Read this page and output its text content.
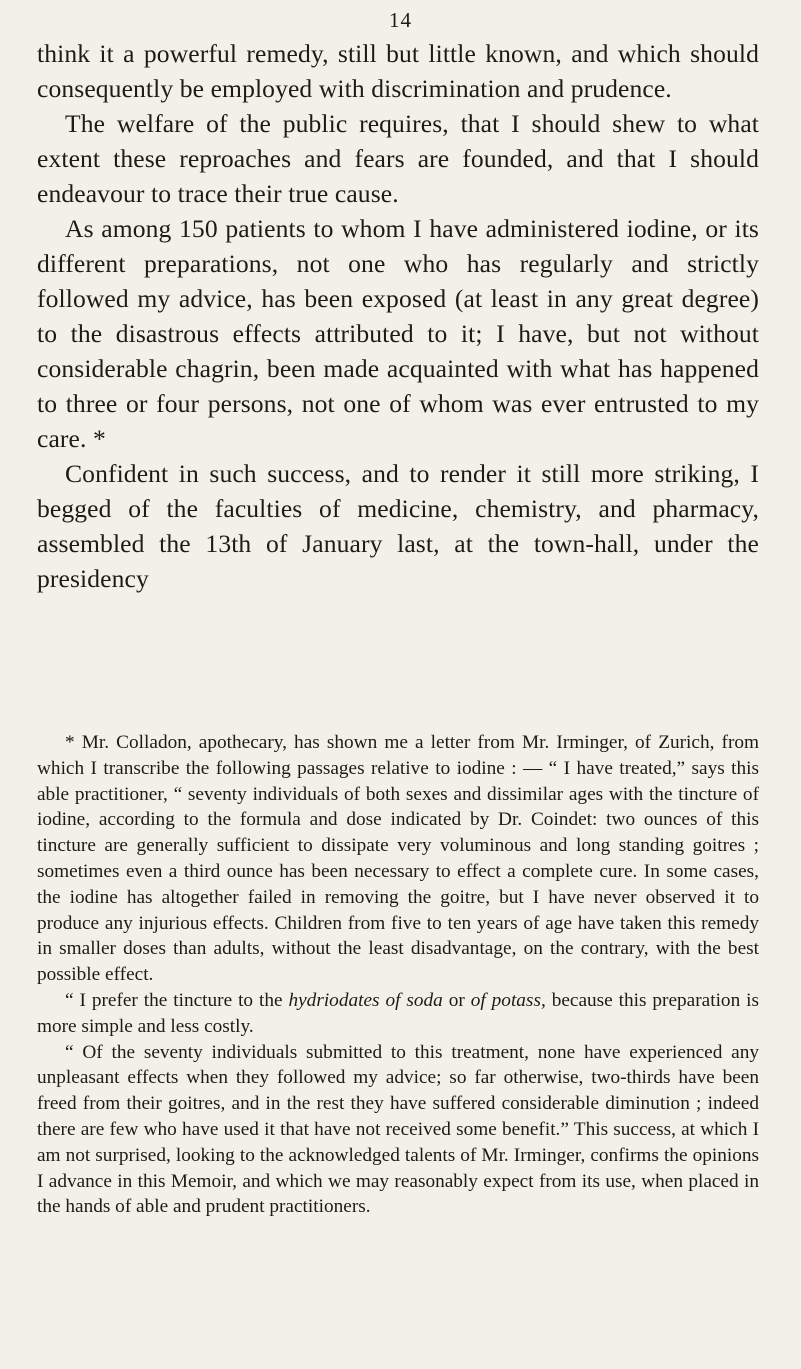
14

think it a powerful remedy, still but little known, and which should consequently be employed with discrimination and prudence.

The welfare of the public requires, that I should shew to what extent these reproaches and fears are founded, and that I should endeavour to trace their true cause.

As among 150 patients to whom I have administered iodine, or its different preparations, not one who has regularly and strictly followed my advice, has been exposed (at least in any great degree) to the disastrous effects attributed to it; I have, but not without considerable chagrin, been made acquainted with what has happened to three or four persons, not one of whom was ever entrusted to my care. *

Confident in such success, and to render it still more striking, I begged of the faculties of medicine, chemistry, and pharmacy, assembled the 13th of January last, at the town-hall, under the presidency

* Mr. Colladon, apothecary, has shown me a letter from Mr. Irminger, of Zurich, from which I transcribe the following passages relative to iodine : — “ I have treated,” says this able practitioner, “ seventy individuals of both sexes and dissimilar ages with the tincture of iodine, according to the formula and dose indicated by Dr. Coindet: two ounces of this tincture are generally sufficient to dissipate very voluminous and long standing goitres ; sometimes even a third ounce has been necessary to effect a complete cure. In some cases, the iodine has altogether failed in removing the goitre, but I have never observed it to produce any injurious effects. Children from five to ten years of age have taken this remedy in smaller doses than adults, without the least disadvantage, on the contrary, with the best possible effect.

“ I prefer the tincture to the hydriodates of soda or of potass, because this preparation is more simple and less costly.

“ Of the seventy individuals submitted to this treatment, none have experienced any unpleasant effects when they followed my advice; so far otherwise, two-thirds have been freed from their goitres, and in the rest they have suffered considerable diminution ; indeed there are few who have used it that have not received some benefit.” This success, at which I am not surprised, looking to the acknowledged talents of Mr. Irminger, confirms the opinions I advance in this Memoir, and which we may reasonably expect from its use, when placed in the hands of able and prudent practitioners.
